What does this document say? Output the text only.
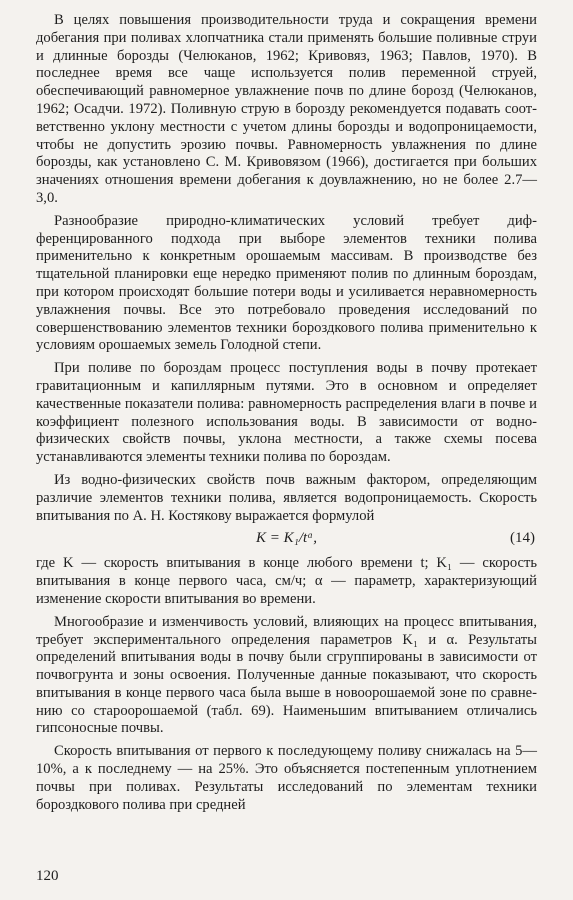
В целях повышения производительности труда и сокращения времени добегания при поливах хлопчатника стали применять большие поливные струи и длинные борозды (Челюканов, 1962; Кривовяз, 1963; Павлов, 1970). В последнее время все чаще используется полив переменной струей, обеспечивающий равномерное увлажнение почв по длине борозд (Челюканов, 1962; Осадчи. 1972). Поливную струю в борозду рекомендуется подавать соответственно уклону местности с учетом длины борозды и водопроницаемости, чтобы не допустить эрозию почвы. Равномерность увлажнения по длине борозды, как установлено С. М. Кривовязом (1966), достигается при больших значениях отношения времени добегания к доувлажнению, но не более 2.7—3,0.

Разнообразие природно-климатических условий требует дифференцированного подхода при выборе элементов техники полива применительно к конкретным орошаемым массивам. В производстве без тщательной планировки еще нередко применяют полив по длинным бороздам, при котором происходят большие потери воды и усиливается неравномерность увлажнения почвы. Все это потребовало проведения исследований по совершенствованию элементов техники бороздкового полива применительно к условиям орошаемых земель Голодной степи.

При поливе по бороздам процесс поступления воды в почву протекает гравитационным и капиллярным путями. Это в основном и определяет качественные показатели полива: равномерность распределения влаги в почве и коэффициент полезного использования воды. В зависимости от водно-физических свойств почвы, уклона местности, а также схемы посева устанавливаются элементы техники полива по бороздам.

Из водно-физических свойств почв важным фактором, определяющим различие элементов техники полива, является водопроницаемость. Скорость впитывания по А. Н. Костякову выражается формулой

K = K₁/tᵅ,	(14)

где K — скорость впитывания в конце любого времени t; K₁ — скорость впитывания в конце первого часа, см/ч; α — параметр, характеризующий изменение скорости впитывания во времени.

Многообразие и изменчивость условий, влияющих на процесс впитывания, требует экспериментального определения параметров K₁ и α. Результаты определений впитывания воды в почву были сгруппированы в зависимости от почвогрунта и зоны освоения. Полученные данные показывают, что скорость впитывания в конце первого часа была выше в новоорошаемой зоне по сравнению со староорошаемой (табл. 69). Наименьшим впитыванием отличались гипсоносные почвы.

Скорость впитывания от первого к последующему поливу снижалась на 5—10%, а к последнему — на 25%. Это объясняется постепенным уплотнением почвы при поливах. Результаты исследований по элементам техники бороздкового полива при средней

120
